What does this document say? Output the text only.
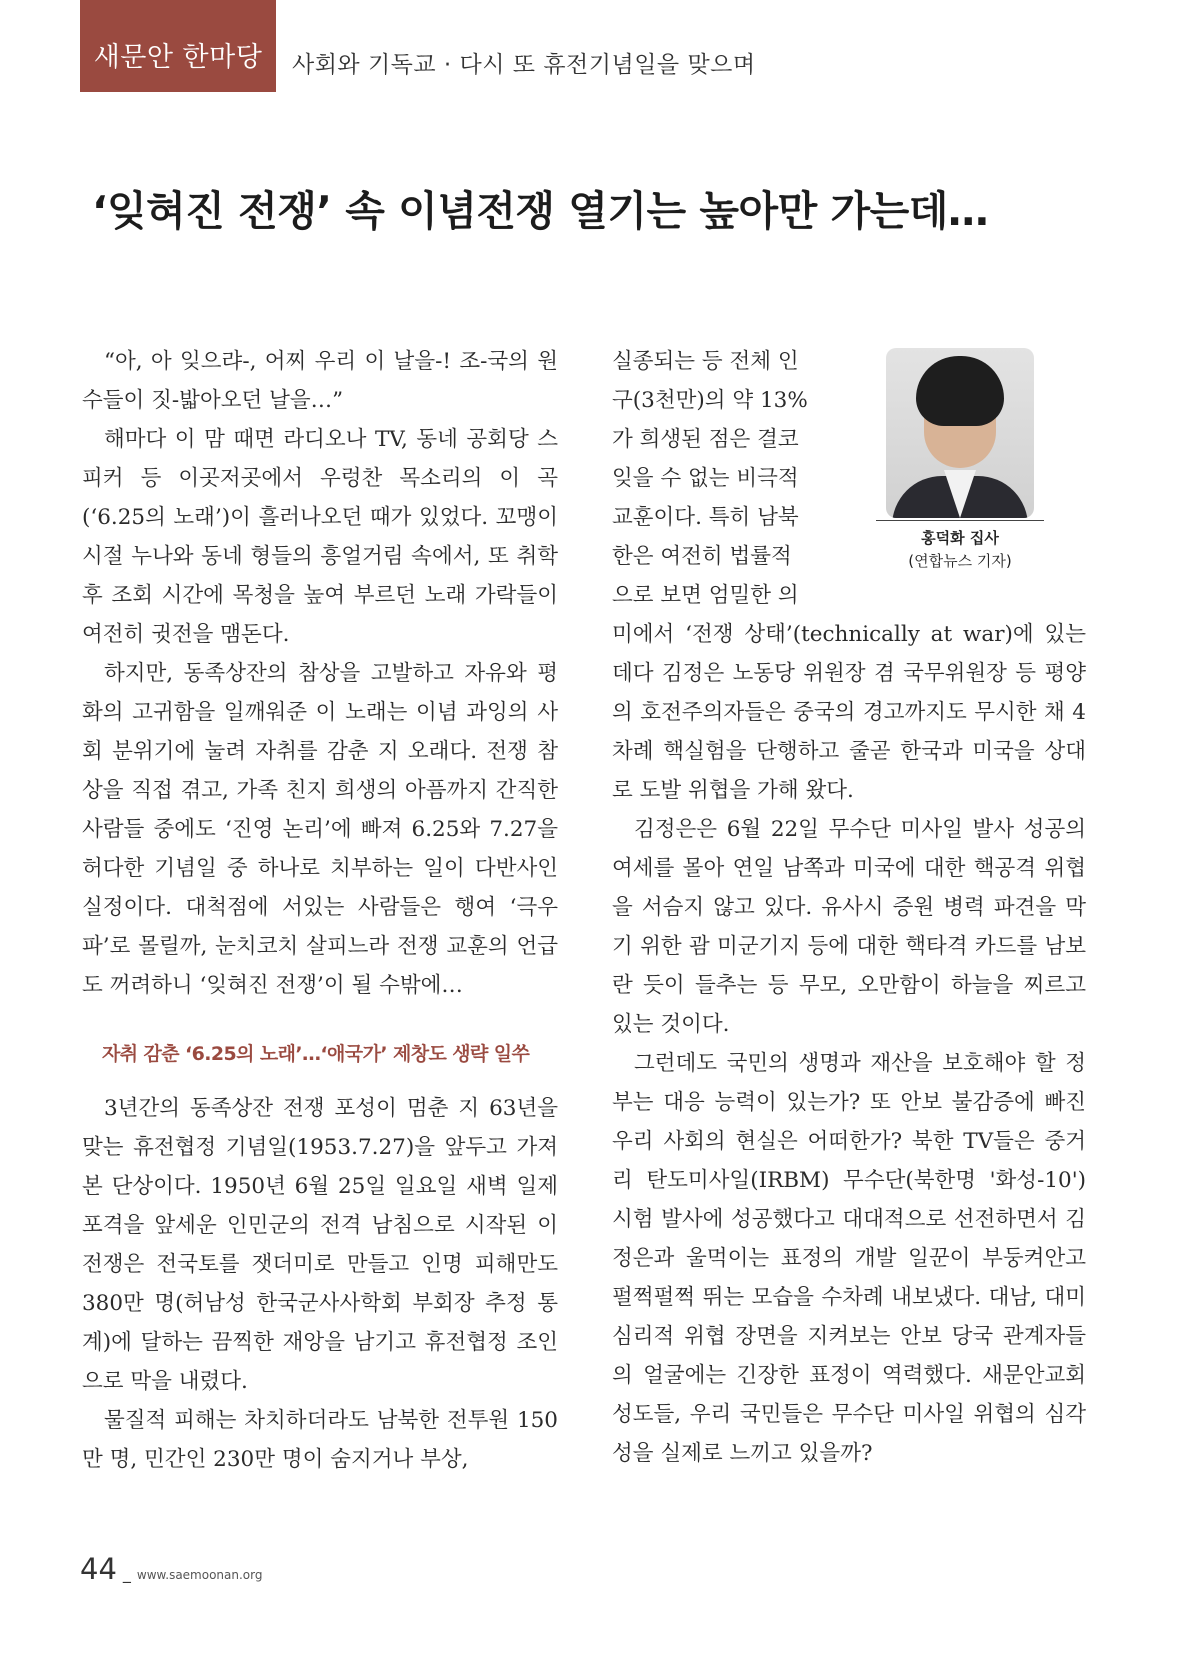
새문안 한마당 사회와 기독교 · 다시 또 휴전기념일을 맞으며
‘잊혀진 전쟁’ 속 이념전쟁 열기는 높아만 가는데…

“아, 아 잊으랴-, 어찌 우리 이 날을-! 조-국의 원수들이 짓-밟아오던 날을…”

해마다 이 맘 때면 라디오나 TV, 동네 공회당 스피커 등 이곳저곳에서 우렁찬 목소리의 이 곡(‘6.25의 노래’)이 흘러나오던 때가 있었다. 꼬맹이 시절 누나와 동네 형들의 흥얼거림 속에서, 또 취학 후 조회 시간에 목청을 높여 부르던 노래 가락들이 여전히 귓전을 맴돈다.

하지만, 동족상잔의 참상을 고발하고 자유와 평화의 고귀함을 일깨워준 이 노래는 이념 과잉의 사회 분위기에 눌려 자취를 감춘 지 오래다. 전쟁 참상을 직접 겪고, 가족 친지 희생의 아픔까지 간직한 사람들 중에도 ‘진영 논리’에 빠져 6.25와 7.27을 허다한 기념일 중 하나로 치부하는 일이 다반사인 실정이다. 대척점에 서있는 사람들은 행여 ‘극우파’로 몰릴까, 눈치코치 살피느라 전쟁 교훈의 언급도 꺼려하니 ‘잊혀진 전쟁’이 될 수밖에…

자취 감춘 ‘6.25의 노래’…‘애국가’ 제창도 생략 일쑤

3년간의 동족상잔 전쟁 포성이 멈춘 지 63년을 맞는 휴전협정 기념일(1953.7.27)을 앞두고 가져본 단상이다. 1950년 6월 25일 일요일 새벽 일제 포격을 앞세운 인민군의 전격 남침으로 시작된 이 전쟁은 전국토를 잿더미로 만들고 인명 피해만도 380만 명(허남성 한국군사사학회 부회장 추정 통계)에 달하는 끔찍한 재앙을 남기고 휴전협정 조인으로 막을 내렸다.

물질적 피해는 차치하더라도 남북한 전투원 150만 명, 민간인 230만 명이 숨지거나 부상,

실종되는 등 전체 인
구(3천만)의 약 13%
가 희생된 점은 결코
잊을 수 없는 비극적
교훈이다. 특히 남북
한은 여전히 법률적
으로 보면 엄밀한 의

미에서 ‘전쟁 상태’(technically at war)에 있는데다 김정은 노동당 위원장 겸 국무위원장 등 평양의 호전주의자들은 중국의 경고까지도 무시한 채 4차례 핵실험을 단행하고 줄곧 한국과 미국을 상대로 도발 위협을 가해 왔다.

김정은은 6월 22일 무수단 미사일 발사 성공의 여세를 몰아 연일 남쪽과 미국에 대한 핵공격 위협을 서슴지 않고 있다. 유사시 증원 병력 파견을 막기 위한 괌 미군기지 등에 대한 핵타격 카드를 남보란 듯이 들추는 등 무모, 오만함이 하늘을 찌르고 있는 것이다.

그런데도 국민의 생명과 재산을 보호해야 할 정부는 대응 능력이 있는가? 또 안보 불감증에 빠진 우리 사회의 현실은 어떠한가? 북한 TV들은 중거리 탄도미사일(IRBM) 무수단(북한명 '화성-10') 시험 발사에 성공했다고 대대적으로 선전하면서 김정은과 울먹이는 표정의 개발 일꾼이 부둥켜안고 펄쩍펄쩍 뛰는 모습을 수차례 내보냈다. 대남, 대미 심리적 위협 장면을 지켜보는 안보 당국 관계자들의 얼굴에는 긴장한 표정이 역력했다. 새문안교회 성도들, 우리 국민들은 무수단 미사일 위협의 심각성을 실제로 느끼고 있을까?

홍덕화 집사
(연합뉴스 기자)
44 _ www.saemoonan.org
